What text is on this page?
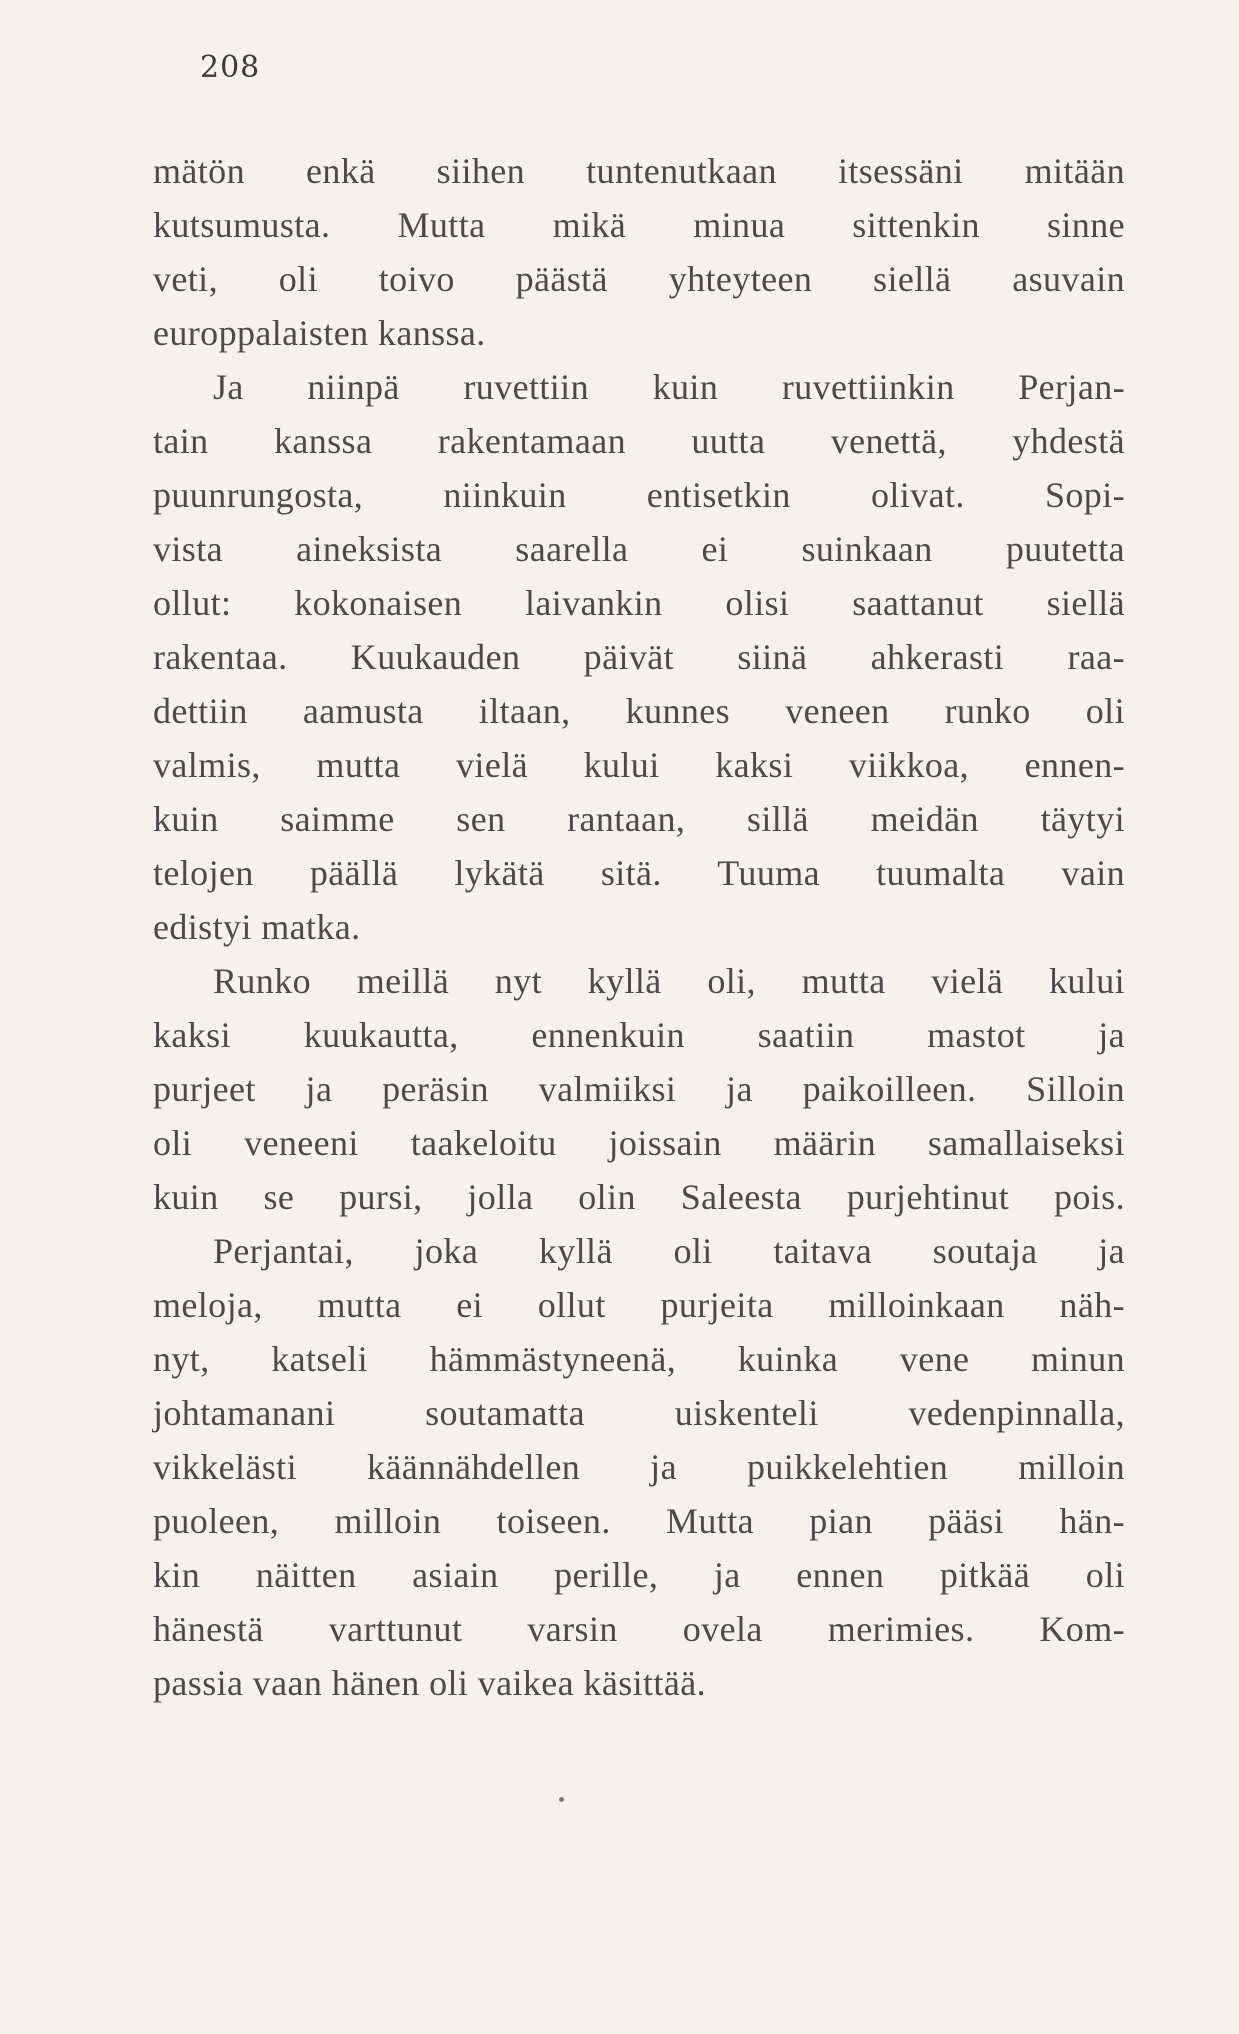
208
mätön enkä siihen tuntenutkaan itsessäni mitään
kutsumusta. Mutta mikä minua sittenkin sinne
veti, oli toivo päästä yhteyteen siellä asuvain
europpalaisten kanssa.
Ja niinpä ruvettiin kuin ruvettiinkin Perjan-
tain kanssa rakentamaan uutta venettä, yhdestä
puunrungosta, niinkuin entisetkin olivat. Sopi-
vista aineksista saarella ei suinkaan puutetta
ollut: kokonaisen laivankin olisi saattanut siellä
rakentaa. Kuukauden päivät siinä ahkerasti raa-
dettiin aamusta iltaan, kunnes veneen runko oli
valmis, mutta vielä kului kaksi viikkoa, ennen-
kuin saimme sen rantaan, sillä meidän täytyi
telojen päällä lykätä sitä. Tuuma tuumalta vain
edistyi matka.
Runko meillä nyt kyllä oli, mutta vielä kului
kaksi kuukautta, ennenkuin saatiin mastot ja
purjeet ja peräsin valmiiksi ja paikoilleen. Silloin
oli veneeni taakeloitu joissain määrin samallaiseksi
kuin se pursi, jolla olin Saleesta purjehtinut pois.
Perjantai, joka kyllä oli taitava soutaja ja
meloja, mutta ei ollut purjeita milloinkaan näh-
nyt, katseli hämmästyneenä, kuinka vene minun
johtamanani soutamatta uiskenteli vedenpinnalla,
vikkelästi käännähdellen ja puikkelehtien milloin
puoleen, milloin toiseen. Mutta pian pääsi hän-
kin näitten asiain perille, ja ennen pitkää oli
hänestä varttunut varsin ovela merimies. Kom-
passia vaan hänen oli vaikea käsittää.
